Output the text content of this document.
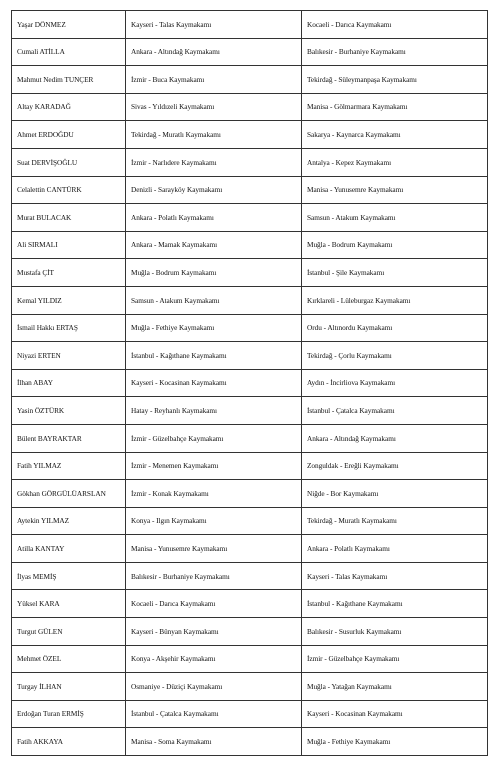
Yaşar DÖNMEZ	Kayseri - Talas Kaymakamı	Kocaeli - Darıca Kaymakamı
Cumali ATİLLA	Ankara - Altındağ Kaymakamı	Balıkesir - Burhaniye Kaymakamı
Mahmut Nedim TUNÇER	İzmir - Buca Kaymakamı	Tekirdağ - Süleymanpaşa Kaymakamı
Altay KARADAĞ	Sivas - Yıldızeli Kaymakamı	Manisa - Gölmarmara Kaymakamı
Ahmet ERDOĞDU	Tekirdağ - Muratlı Kaymakamı	Sakarya - Kaynarca Kaymakamı
Suat DERVİŞOĞLU	İzmir - Narlıdere Kaymakamı	Antalya - Kepez Kaymakamı
Celalettin CANTÜRK	Denizli - Sarayköy Kaymakamı	Manisa - Yunusemre Kaymakamı
Murat BULACAK	Ankara - Polatlı Kaymakamı	Samsun - Atakum Kaymakamı
Ali SIRMALI	Ankara - Mamak Kaymakamı	Muğla - Bodrum Kaymakamı
Mustafa ÇİT	Muğla - Bodrum Kaymakamı	İstanbul - Şile Kaymakamı
Kemal YILDIZ	Samsun - Atakum Kaymakamı	Kırklareli - Lüleburgaz Kaymakamı
İsmail Hakkı ERTAŞ	Muğla - Fethiye Kaymakamı	Ordu - Altınordu Kaymakamı
Niyazi ERTEN	İstanbul - Kağıthane Kaymakamı	Tekirdağ - Çorlu Kaymakamı
İlhan ABAY	Kayseri - Kocasinan Kaymakamı	Aydın - İncirliova Kaymakamı
Yasin ÖZTÜRK	Hatay - Reyhanlı Kaymakamı	İstanbul - Çatalca Kaymakamı
Bülent BAYRAKTAR	İzmir - Güzelbahçe Kaymakamı	Ankara - Altındağ Kaymakamı
Fatih YILMAZ	İzmir - Menemen Kaymakamı	Zonguldak - Ereğli Kaymakamı
Gökhan GÖRGÜLÜARSLAN	İzmir - Konak Kaymakamı	Niğde - Bor Kaymakamı
Aytekin YILMAZ	Konya - Ilgın Kaymakamı	Tekirdağ - Muratlı Kaymakamı
Atilla KANTAY	Manisa - Yunusemre Kaymakamı	Ankara - Polatlı Kaymakamı
İlyas MEMİŞ	Balıkesir - Burhaniye Kaymakamı	Kayseri - Talas Kaymakamı
Yüksel KARA	Kocaeli - Darıca Kaymakamı	İstanbul - Kağıthane Kaymakamı
Turgut GÜLEN	Kayseri - Bünyan Kaymakamı	Balıkesir - Susurluk Kaymakamı
Mehmet ÖZEL	Konya - Akşehir Kaymakamı	İzmir - Güzelbahçe Kaymakamı
Turgay İLHAN	Osmaniye - Düziçi Kaymakamı	Muğla - Yatağan Kaymakamı
Erdoğan Turan ERMİŞ	İstanbul - Çatalca Kaymakamı	Kayseri - Kocasinan Kaymakamı
Fatih AKKAYA	Manisa - Soma Kaymakamı	Muğla - Fethiye Kaymakamı
